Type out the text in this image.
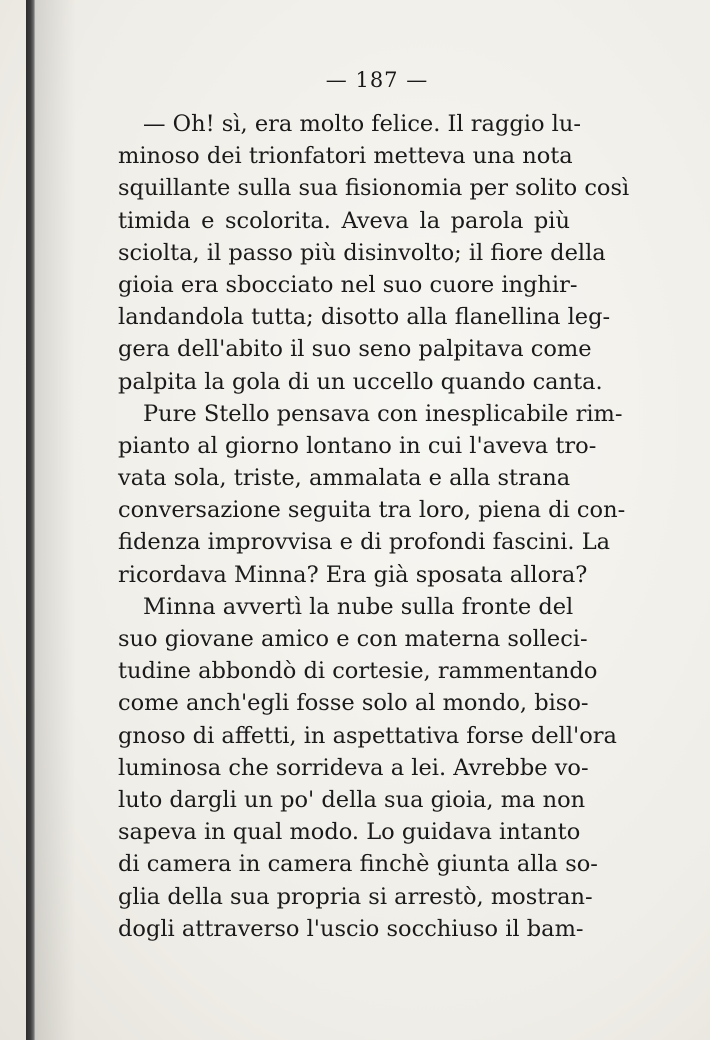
— 187 —
— Oh! sì, era molto felice. Il raggio lu-
minoso dei trionfatori metteva una nota
squillante sulla sua fisionomia per solito così
timida e scolorita. Aveva la parola più
sciolta, il passo più disinvolto; il fiore della
gioia era sbocciato nel suo cuore inghir-
landandola tutta; disotto alla flanellina leg-
gera dell'abito il suo seno palpitava come
palpita la gola di un uccello quando canta.
Pure Stello pensava con inesplicabile rim-
pianto al giorno lontano in cui l'aveva tro-
vata sola, triste, ammalata e alla strana
conversazione seguita tra loro, piena di con-
fidenza improvvisa e di profondi fascini. La
ricordava Minna? Era già sposata allora?
Minna avvertì la nube sulla fronte del
suo giovane amico e con materna solleci-
tudine abbondò di cortesie, rammentando
come anch'egli fosse solo al mondo, biso-
gnoso di affetti, in aspettativa forse dell'ora
luminosa che sorrideva a lei. Avrebbe vo-
luto dargli un po' della sua gioia, ma non
sapeva in qual modo. Lo guidava intanto
di camera in camera finchè giunta alla so-
glia della sua propria si arrestò, mostran-
dogli attraverso l'uscio socchiuso il bam-
